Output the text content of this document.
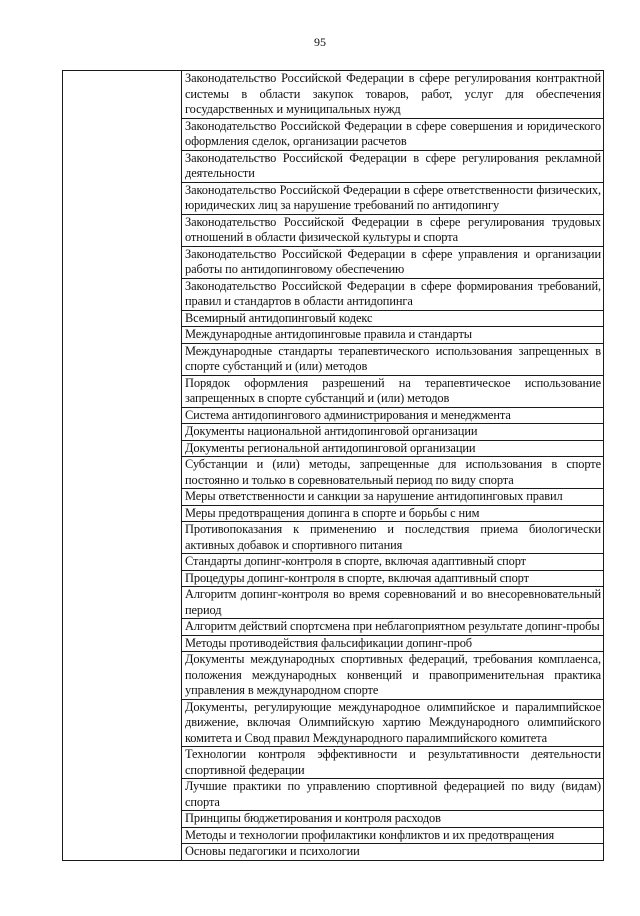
95

Законодательство Российской Федерации в сфере регулирования контрактной системы в области закупок товаров, работ, услуг для обеспечения государственных и муниципальных нужд

Законодательство Российской Федерации в сфере совершения и юридического оформления сделок, организации расчетов

Законодательство Российской Федерации в сфере регулирования рекламной деятельности

Законодательство Российской Федерации в сфере ответственности физических, юридических лиц за нарушение требований по антидопингу

Законодательство Российской Федерации в сфере регулирования трудовых отношений в области физической культуры и спорта

Законодательство Российской Федерации в сфере управления и организации работы по антидопинговому обеспечению

Законодательство Российской Федерации в сфере формирования требований, правил и стандартов в области антидопинга

Всемирный антидопинговый кодекс

Международные антидопинговые правила и стандарты

Международные стандарты терапевтического использования запрещенных в спорте субстанций и (или) методов

Порядок оформления разрешений на терапевтическое использование запрещенных в спорте субстанций и (или) методов

Система антидопингового администрирования и менеджмента

Документы национальной антидопинговой организации

Документы региональной антидопинговой организации

Субстанции и (или) методы, запрещенные для использования в спорте постоянно и только в соревновательный период по виду спорта

Меры ответственности и санкции за нарушение антидопинговых правил

Меры предотвращения допинга в спорте и борьбы с ним

Противопоказания к применению и последствия приема биологически активных добавок и спортивного питания

Стандарты допинг-контроля в спорте, включая адаптивный спорт

Процедуры допинг-контроля в спорте, включая адаптивный спорт

Алгоритм допинг-контроля во время соревнований и во внесоревновательный период

Алгоритм действий спортсмена при неблагоприятном результате допинг-пробы

Методы противодействия фальсификации допинг-проб

Документы международных спортивных федераций, требования комплаенса, положения международных конвенций и правоприменительная практика управления в международном спорте

Документы, регулирующие международное олимпийское и паралимпийское движение, включая Олимпийскую хартию Международного олимпийского комитета и Свод правил Международного паралимпийского комитета

Технологии контроля эффективности и результативности деятельности спортивной федерации

Лучшие практики по управлению спортивной федерацией по виду (видам) спорта

Принципы бюджетирования и контроля расходов

Методы и технологии профилактики конфликтов и их предотвращения

Основы педагогики и психологии
